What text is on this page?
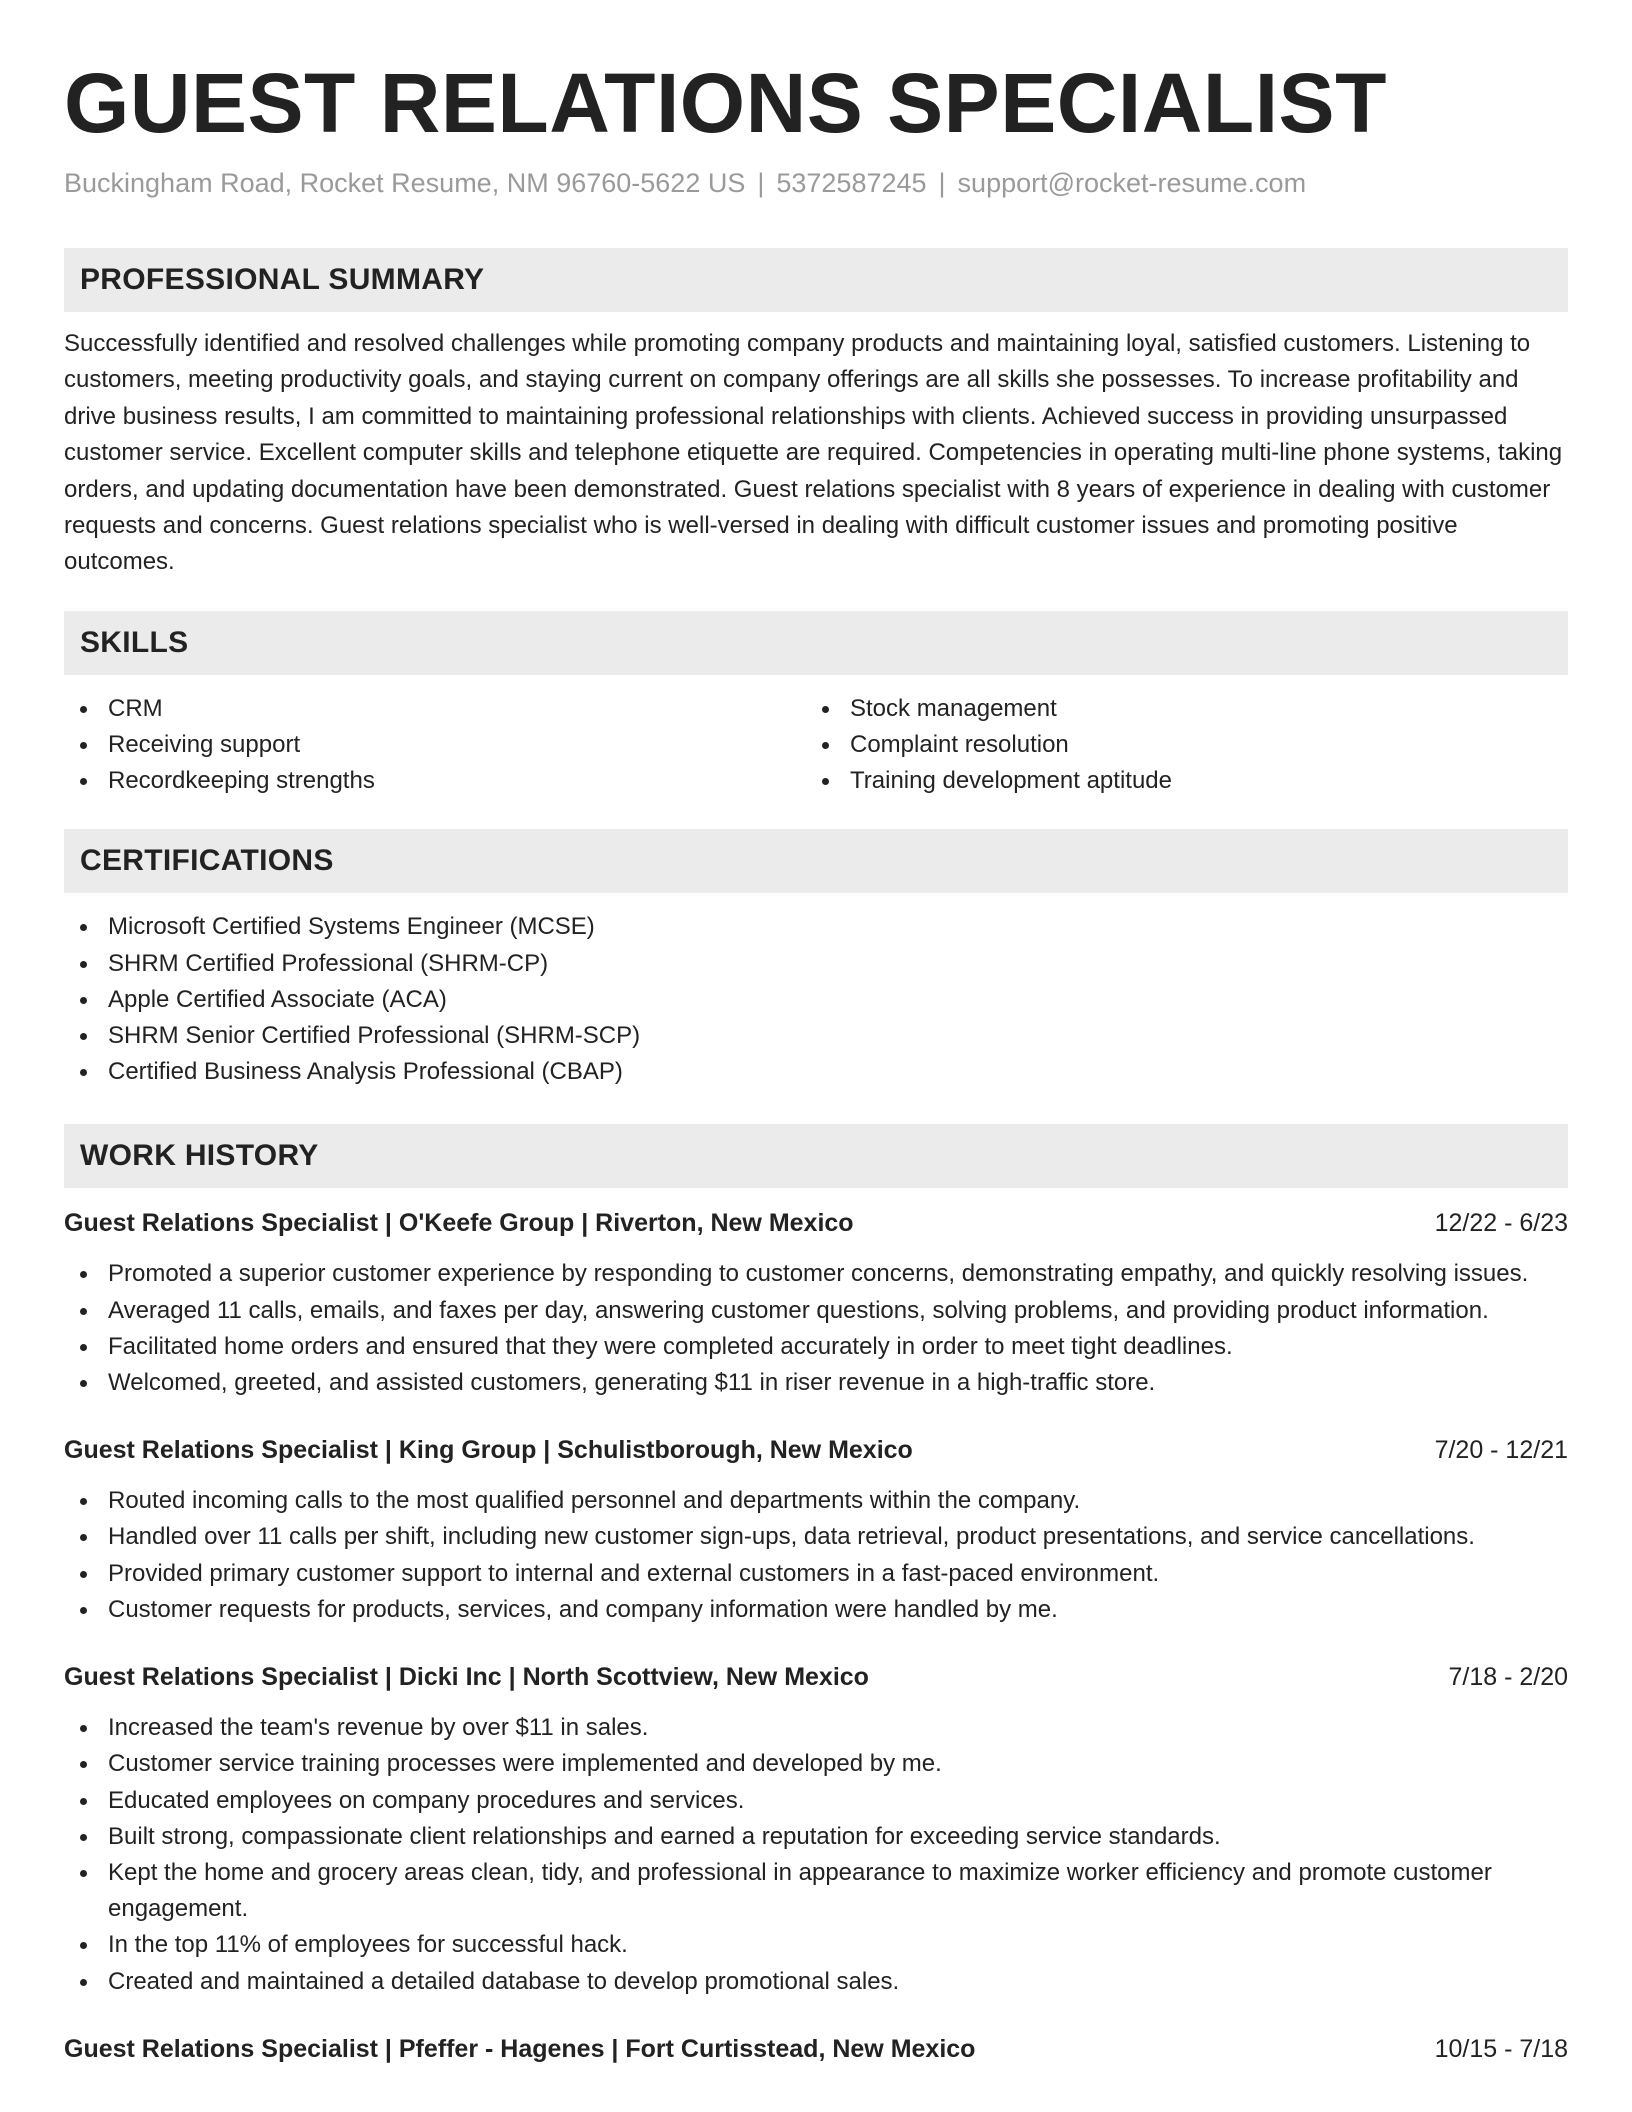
GUEST RELATIONS SPECIALIST
Buckingham Road, Rocket Resume, NM 96760-5622 US | 5372587245 | support@rocket-resume.com
PROFESSIONAL SUMMARY

Successfully identified and resolved challenges while promoting company products and maintaining loyal, satisfied customers. Listening to customers, meeting productivity goals, and staying current on company offerings are all skills she possesses. To increase profitability and drive business results, I am committed to maintaining professional relationships with clients. Achieved success in providing unsurpassed customer service. Excellent computer skills and telephone etiquette are required. Competencies in operating multi-line phone systems, taking orders, and updating documentation have been demonstrated. Guest relations specialist with 8 years of experience in dealing with customer requests and concerns. Guest relations specialist who is well-versed in dealing with difficult customer issues and promoting positive outcomes.

SKILLS
CRM
Receiving support
Recordkeeping strengths
Stock management
Complaint resolution
Training development aptitude
CERTIFICATIONS
Microsoft Certified Systems Engineer (MCSE)
SHRM Certified Professional (SHRM-CP)
Apple Certified Associate (ACA)
SHRM Senior Certified Professional (SHRM-SCP)
Certified Business Analysis Professional (CBAP)
WORK HISTORY
Guest Relations Specialist | O'Keefe Group | Riverton, New Mexico	12/22 - 6/23
Promoted a superior customer experience by responding to customer concerns, demonstrating empathy, and quickly resolving issues.
Averaged 11 calls, emails, and faxes per day, answering customer questions, solving problems, and providing product information.
Facilitated home orders and ensured that they were completed accurately in order to meet tight deadlines.
Welcomed, greeted, and assisted customers, generating $11 in riser revenue in a high-traffic store.
Guest Relations Specialist | King Group | Schulistborough, New Mexico	7/20 - 12/21
Routed incoming calls to the most qualified personnel and departments within the company.
Handled over 11 calls per shift, including new customer sign-ups, data retrieval, product presentations, and service cancellations.
Provided primary customer support to internal and external customers in a fast-paced environment.
Customer requests for products, services, and company information were handled by me.
Guest Relations Specialist | Dicki Inc | North Scottview, New Mexico	7/18 - 2/20
Increased the team's revenue by over $11 in sales.
Customer service training processes were implemented and developed by me.
Educated employees on company procedures and services.
Built strong, compassionate client relationships and earned a reputation for exceeding service standards.
Kept the home and grocery areas clean, tidy, and professional in appearance to maximize worker efficiency and promote customer engagement.
In the top 11% of employees for successful hack.
Created and maintained a detailed database to develop promotional sales.
Guest Relations Specialist | Pfeffer - Hagenes | Fort Curtisstead, New Mexico	10/15 - 7/18
